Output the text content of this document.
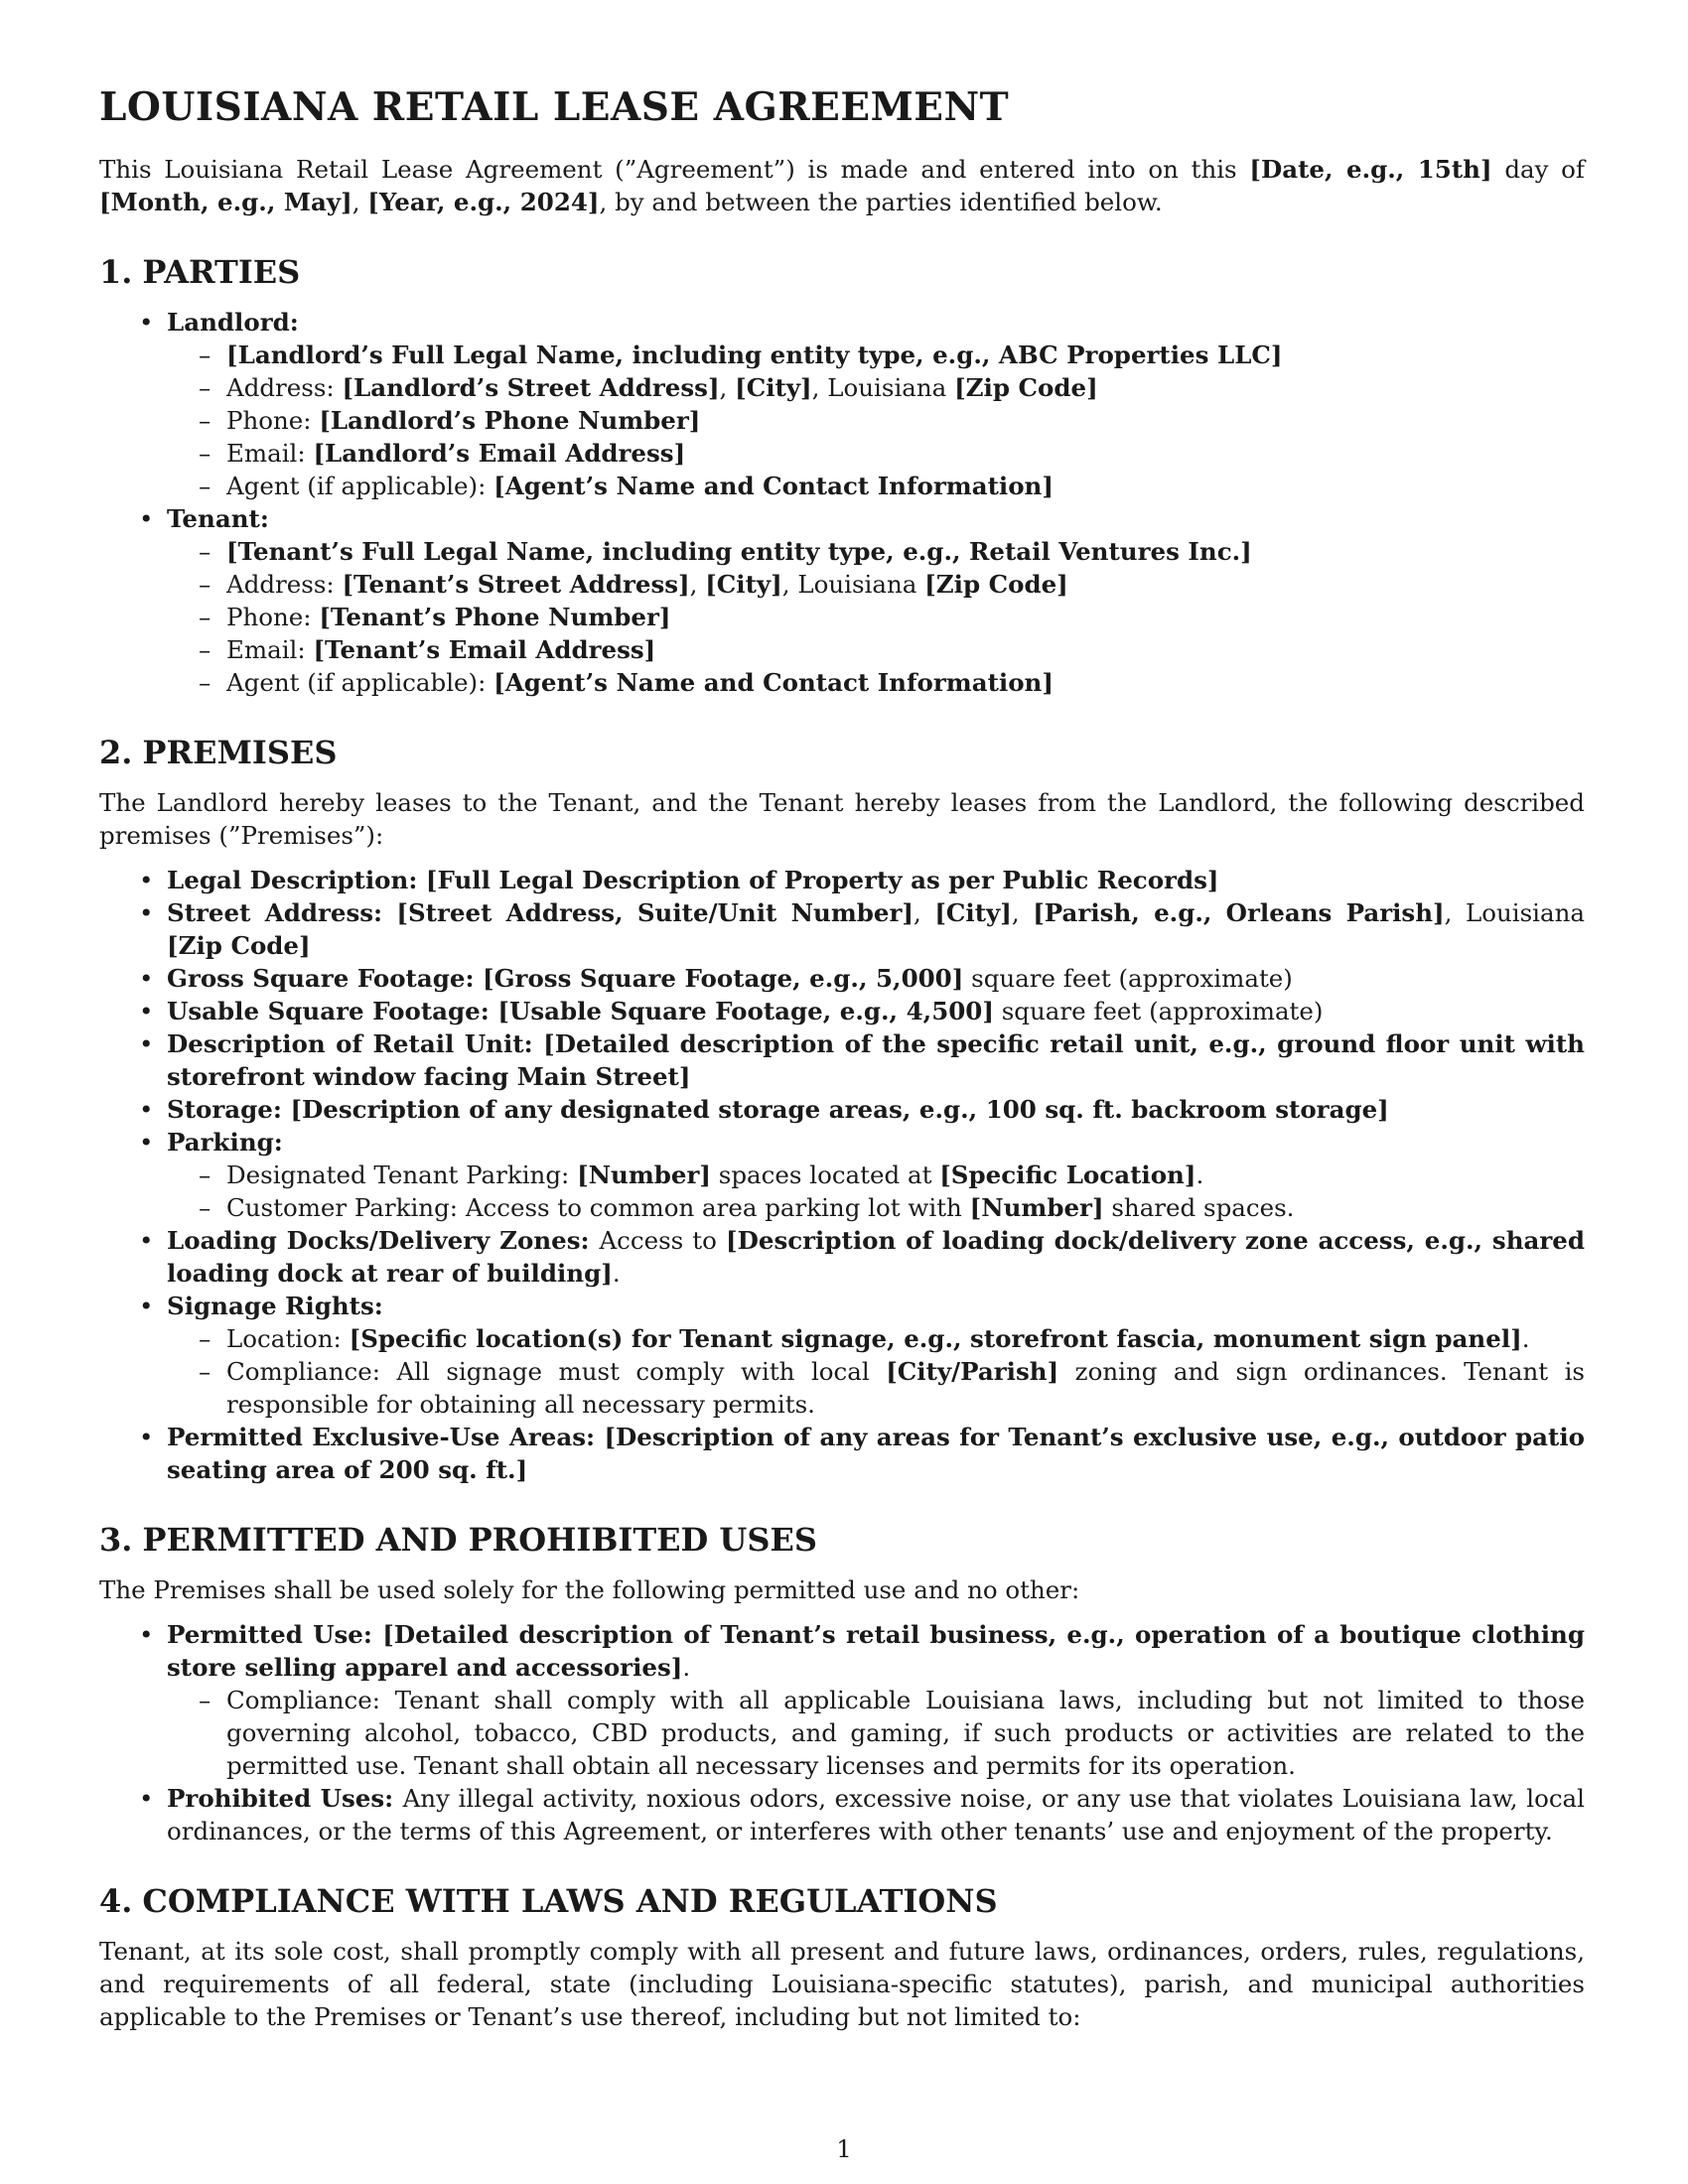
LOUISIANA RETAIL LEASE AGREEMENT

This Louisiana Retail Lease Agreement (”Agreement”) is made and entered into on this [Date, e.g., 15th] day of [Month, e.g., May], [Year, e.g., 2024], by and between the parties identified below.

1. PARTIES
• Landlord:
– [Landlord’s Full Legal Name, including entity type, e.g., ABC Properties LLC]
– Address: [Landlord’s Street Address], [City], Louisiana [Zip Code]
– Phone: [Landlord’s Phone Number]
– Email: [Landlord’s Email Address]
– Agent (if applicable): [Agent’s Name and Contact Information]
• Tenant:
– [Tenant’s Full Legal Name, including entity type, e.g., Retail Ventures Inc.]
– Address: [Tenant’s Street Address], [City], Louisiana [Zip Code]
– Phone: [Tenant’s Phone Number]
– Email: [Tenant’s Email Address]
– Agent (if applicable): [Agent’s Name and Contact Information]
2. PREMISES

The Landlord hereby leases to the Tenant, and the Tenant hereby leases from the Landlord, the following described premises (”Premises”):

• Legal Description: [Full Legal Description of Property as per Public Records]
• Street Address: [Street Address, Suite/Unit Number], [City], [Parish, e.g., Orleans Parish], Louisiana [Zip Code]
• Gross Square Footage: [Gross Square Footage, e.g., 5,000] square feet (approximate)
• Usable Square Footage: [Usable Square Footage, e.g., 4,500] square feet (approximate)
• Description of Retail Unit: [Detailed description of the specific retail unit, e.g., ground floor unit with storefront window facing Main Street]
• Storage: [Description of any designated storage areas, e.g., 100 sq. ft. backroom storage]
• Parking:
– Designated Tenant Parking: [Number] spaces located at [Specific Location].
– Customer Parking: Access to common area parking lot with [Number] shared spaces.
• Loading Docks/Delivery Zones: Access to [Description of loading dock/delivery zone access, e.g., shared loading dock at rear of building].
• Signage Rights:
– Location: [Specific location(s) for Tenant signage, e.g., storefront fascia, monument sign panel].
– Compliance: All signage must comply with local [City/Parish] zoning and sign ordinances. Tenant is responsible for obtaining all necessary permits.
• Permitted Exclusive-Use Areas: [Description of any areas for Tenant’s exclusive use, e.g., outdoor patio seating area of 200 sq. ft.]
3. PERMITTED AND PROHIBITED USES

The Premises shall be used solely for the following permitted use and no other:

• Permitted Use: [Detailed description of Tenant’s retail business, e.g., operation of a boutique clothing store selling apparel and accessories].
– Compliance: Tenant shall comply with all applicable Louisiana laws, including but not limited to those governing alcohol, tobacco, CBD products, and gaming, if such products or activities are related to the permitted use. Tenant shall obtain all necessary licenses and permits for its operation.
• Prohibited Uses: Any illegal activity, noxious odors, excessive noise, or any use that violates Louisiana law, local ordinances, or the terms of this Agreement, or interferes with other tenants’ use and enjoyment of the property.
4. COMPLIANCE WITH LAWS AND REGULATIONS

Tenant, at its sole cost, shall promptly comply with all present and future laws, ordinances, orders, rules, regulations, and requirements of all federal, state (including Louisiana-specific statutes), parish, and municipal authorities applicable to the Premises or Tenant’s use thereof, including but not limited to:

1
